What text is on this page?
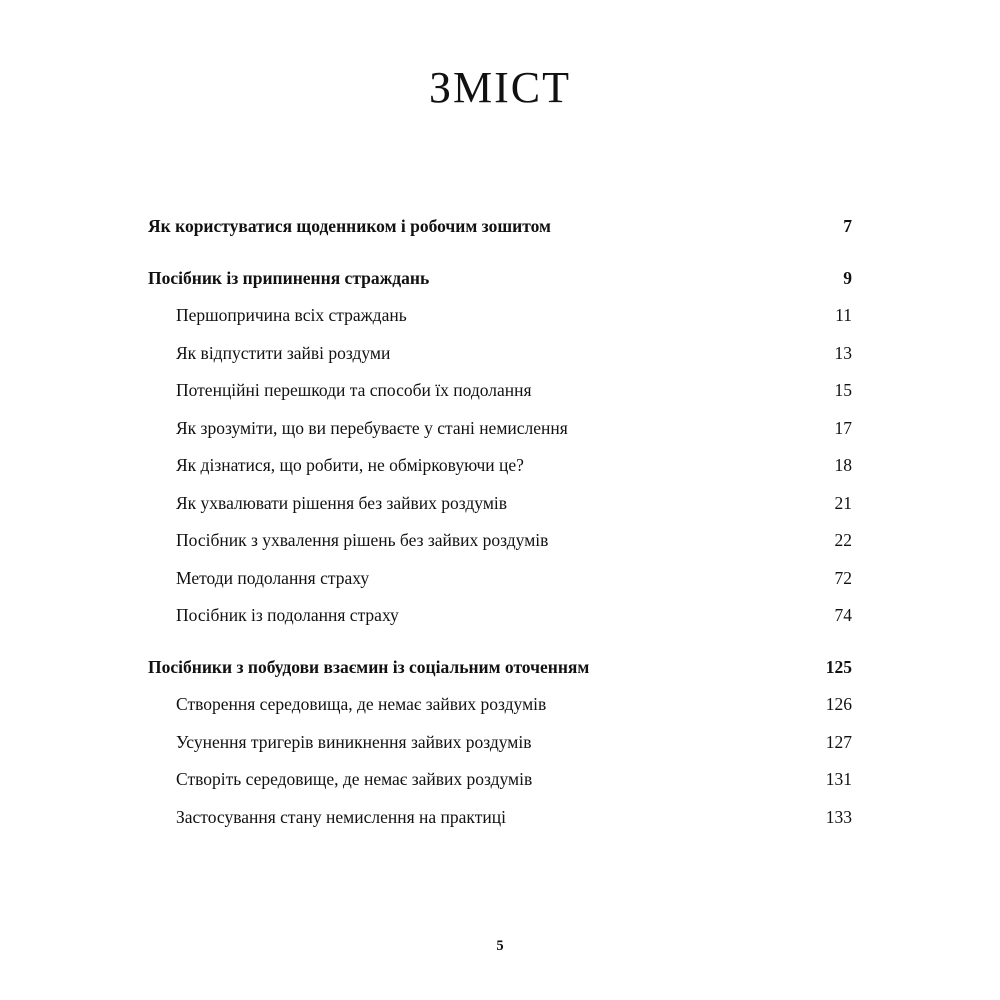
ЗМІСТ
Як користуватися щоденником і робочим зошитом	7
Посібник із припинення страждань	9
Першопричина всіх страждань	11
Як відпустити зайві роздуми	13
Потенційні перешкоди та способи їх подолання	15
Як зрозуміти, що ви перебуваєте у стані немислення	17
Як дізнатися, що робити, не обмірковуючи це?	18
Як ухвалювати рішення без зайвих роздумів	21
Посібник з ухвалення рішень без зайвих роздумів	22
Методи подолання страху	72
Посібник із подолання страху	74
Посібники з побудови взаємин із соціальним оточенням	125
Створення середовища, де немає зайвих роздумів	126
Усунення тригерів виникнення зайвих роздумів	127
Створіть середовище, де немає зайвих роздумів	131
Застосування стану немислення на практиці	133
5
